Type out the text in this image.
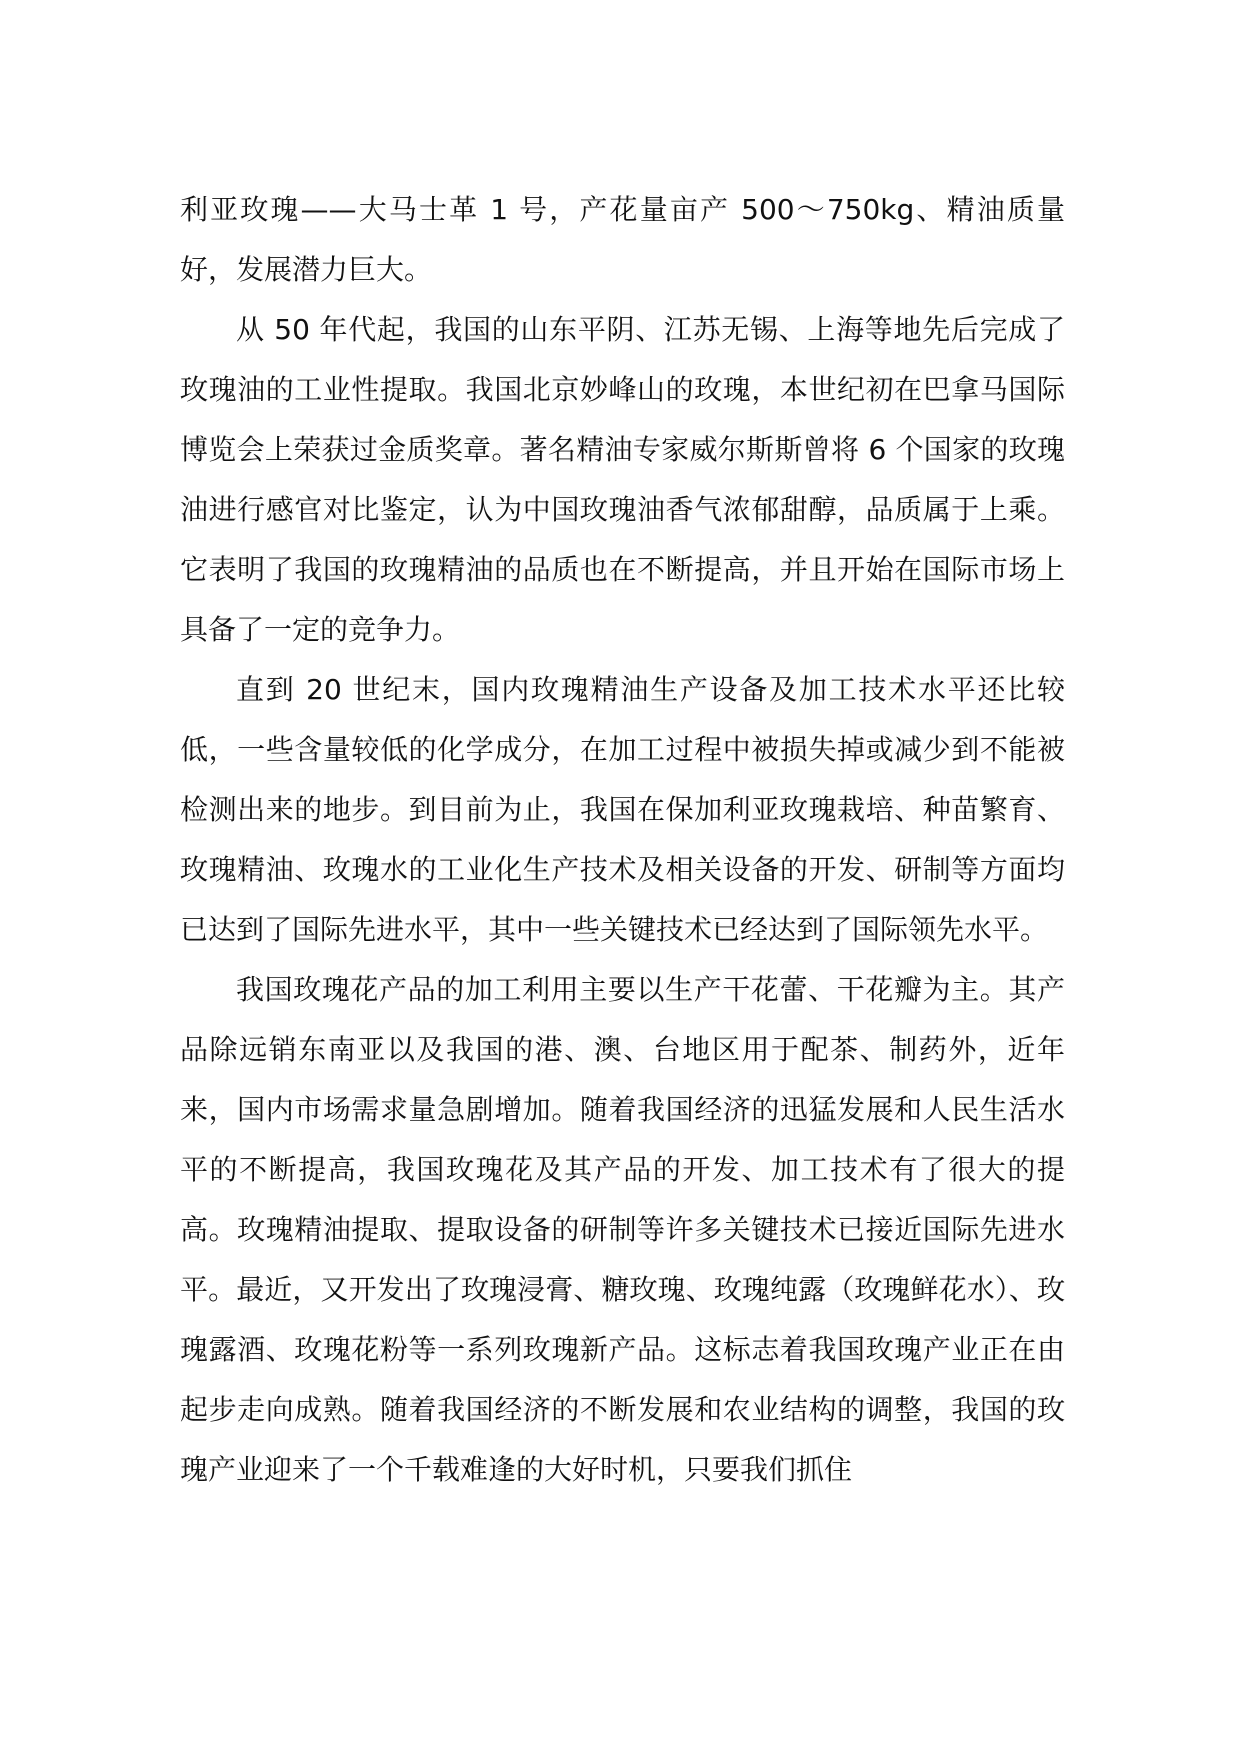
利亚玫瑰——大马士革 1 号，产花量亩产 500～750kg、精油质量好，发展潜力巨大。

从 50 年代起，我国的山东平阴、江苏无锡、上海等地先后完成了玫瑰油的工业性提取。我国北京妙峰山的玫瑰，本世纪初在巴拿马国际博览会上荣获过金质奖章。著名精油专家威尔斯斯曾将 6 个国家的玫瑰油进行感官对比鉴定，认为中国玫瑰油香气浓郁甜醇，品质属于上乘。它表明了我国的玫瑰精油的品质也在不断提高，并且开始在国际市场上具备了一定的竞争力。

直到 20 世纪末，国内玫瑰精油生产设备及加工技术水平还比较低，一些含量较低的化学成分，在加工过程中被损失掉或减少到不能被检测出来的地步。到目前为止，我国在保加利亚玫瑰栽培、种苗繁育、玫瑰精油、玫瑰水的工业化生产技术及相关设备的开发、研制等方面均已达到了国际先进水平，其中一些关键技术已经达到了国际领先水平。

我国玫瑰花产品的加工利用主要以生产干花蕾、干花瓣为主。其产品除远销东南亚以及我国的港、澳、台地区用于配茶、制药外，近年来，国内市场需求量急剧增加。随着我国经济的迅猛发展和人民生活水平的不断提高，我国玫瑰花及其产品的开发、加工技术有了很大的提高。玫瑰精油提取、提取设备的研制等许多关键技术已接近国际先进水平。最近，又开发出了玫瑰浸膏、糖玫瑰、玫瑰纯露（玫瑰鲜花水）、玫瑰露酒、玫瑰花粉等一系列玫瑰新产品。这标志着我国玫瑰产业正在由起步走向成熟。随着我国经济的不断发展和农业结构的调整，我国的玫瑰产业迎来了一个千载难逢的大好时机，只要我们抓住
